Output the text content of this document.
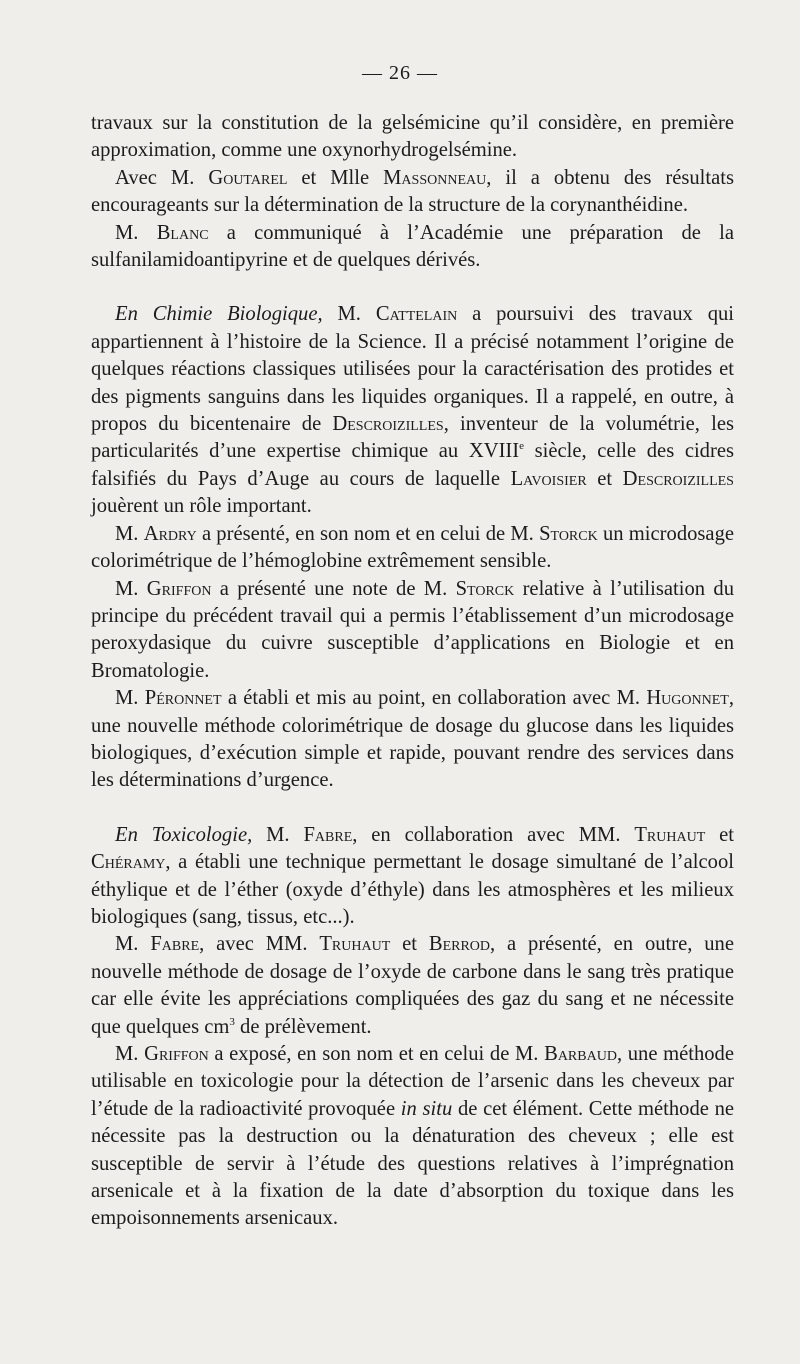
— 26 —

travaux sur la constitution de la gelsémicine qu’il considère, en première approximation, comme une oxynorhydrogelsémine.

Avec M. Goutarel et Mlle Massonneau, il a obtenu des résultats encourageants sur la détermination de la structure de la corynanthéidine.

M. Blanc a communiqué à l’Académie une préparation de la sulfanilamidoantipyrine et de quelques dérivés.

En Chimie Biologique, M. Cattelain a poursuivi des travaux qui appartiennent à l’histoire de la Science. Il a précisé notamment l’origine de quelques réactions classiques utilisées pour la caractérisation des protides et des pigments sanguins dans les liquides organiques. Il a rappelé, en outre, à propos du bicentenaire de Descroizilles, inventeur de la volumétrie, les particularités d’une expertise chimique au XVIIIe siècle, celle des cidres falsifiés du Pays d’Auge au cours de laquelle Lavoisier et Descroizilles jouèrent un rôle important.

M. Ardry a présenté, en son nom et en celui de M. Storck un microdosage colorimétrique de l’hémoglobine extrêmement sensible.

M. Griffon a présenté une note de M. Storck relative à l’utilisation du principe du précédent travail qui a permis l’établissement d’un microdosage peroxydasique du cuivre susceptible d’applications en Biologie et en Bromatologie.

M. Péronnet a établi et mis au point, en collaboration avec M. Hugonnet, une nouvelle méthode colorimétrique de dosage du glucose dans les liquides biologiques, d’exécution simple et rapide, pouvant rendre des services dans les déterminations d’urgence.

En Toxicologie, M. Fabre, en collaboration avec MM. Truhaut et Chéramy, a établi une technique permettant le dosage simultané de l’alcool éthylique et de l’éther (oxyde d’éthyle) dans les atmosphères et les milieux biologiques (sang, tissus, etc...).

M. Fabre, avec MM. Truhaut et Berrod, a présenté, en outre, une nouvelle méthode de dosage de l’oxyde de carbone dans le sang très pratique car elle évite les appréciations compliquées des gaz du sang et ne nécessite que quelques $cm^3$ de prélèvement.

M. Griffon a exposé, en son nom et en celui de M. Barbaud, une méthode utilisable en toxicologie pour la détection de l’arsenic dans les cheveux par l’étude de la radioactivité provoquée in situ de cet élément. Cette méthode ne nécessite pas la destruction ou la dénaturation des cheveux ; elle est susceptible de servir à l’étude des questions relatives à l’imprégnation arsenicale et à la fixation de la date d’absorption du toxique dans les empoisonnements arsenicaux.
